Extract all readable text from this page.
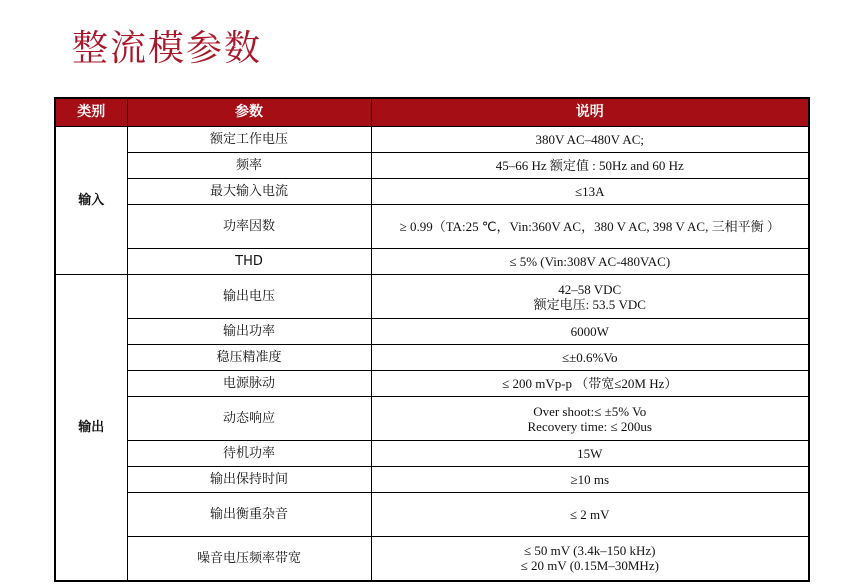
整流模参数
类别	参数	说明
输入	额定工作电压	380V AC–480V AC;
	频率	45–66 Hz 额定值 : 50Hz and 60 Hz
	最大输入电流	≤13A
	功率因数	≥ 0.99（TA:25 ℃，Vin:360V AC，380 V AC, 398 V AC, 三相平衡 ）
	THD	≤ 5% (Vin:308V AC-480VAC)
输出	输出电压	42–58 VDC
额定电压: 53.5 VDC

	输出功率	6000W
	稳压精准度	≤±0.6%Vo
	电源脉动	≤ 200 mVp-p （带宽≤20M Hz）
	动态响应	Over shoot:≤ ±5% Vo
Recovery time: ≤ 200us

	待机功率	15W
	输出保持时间	≥10 ms
	输出衡重杂音	≤ 2 mV
	噪音电压频率带宽	≤ 50 mV (3.4k–150 kHz)
≤ 20 mV (0.15M–30MHz)
